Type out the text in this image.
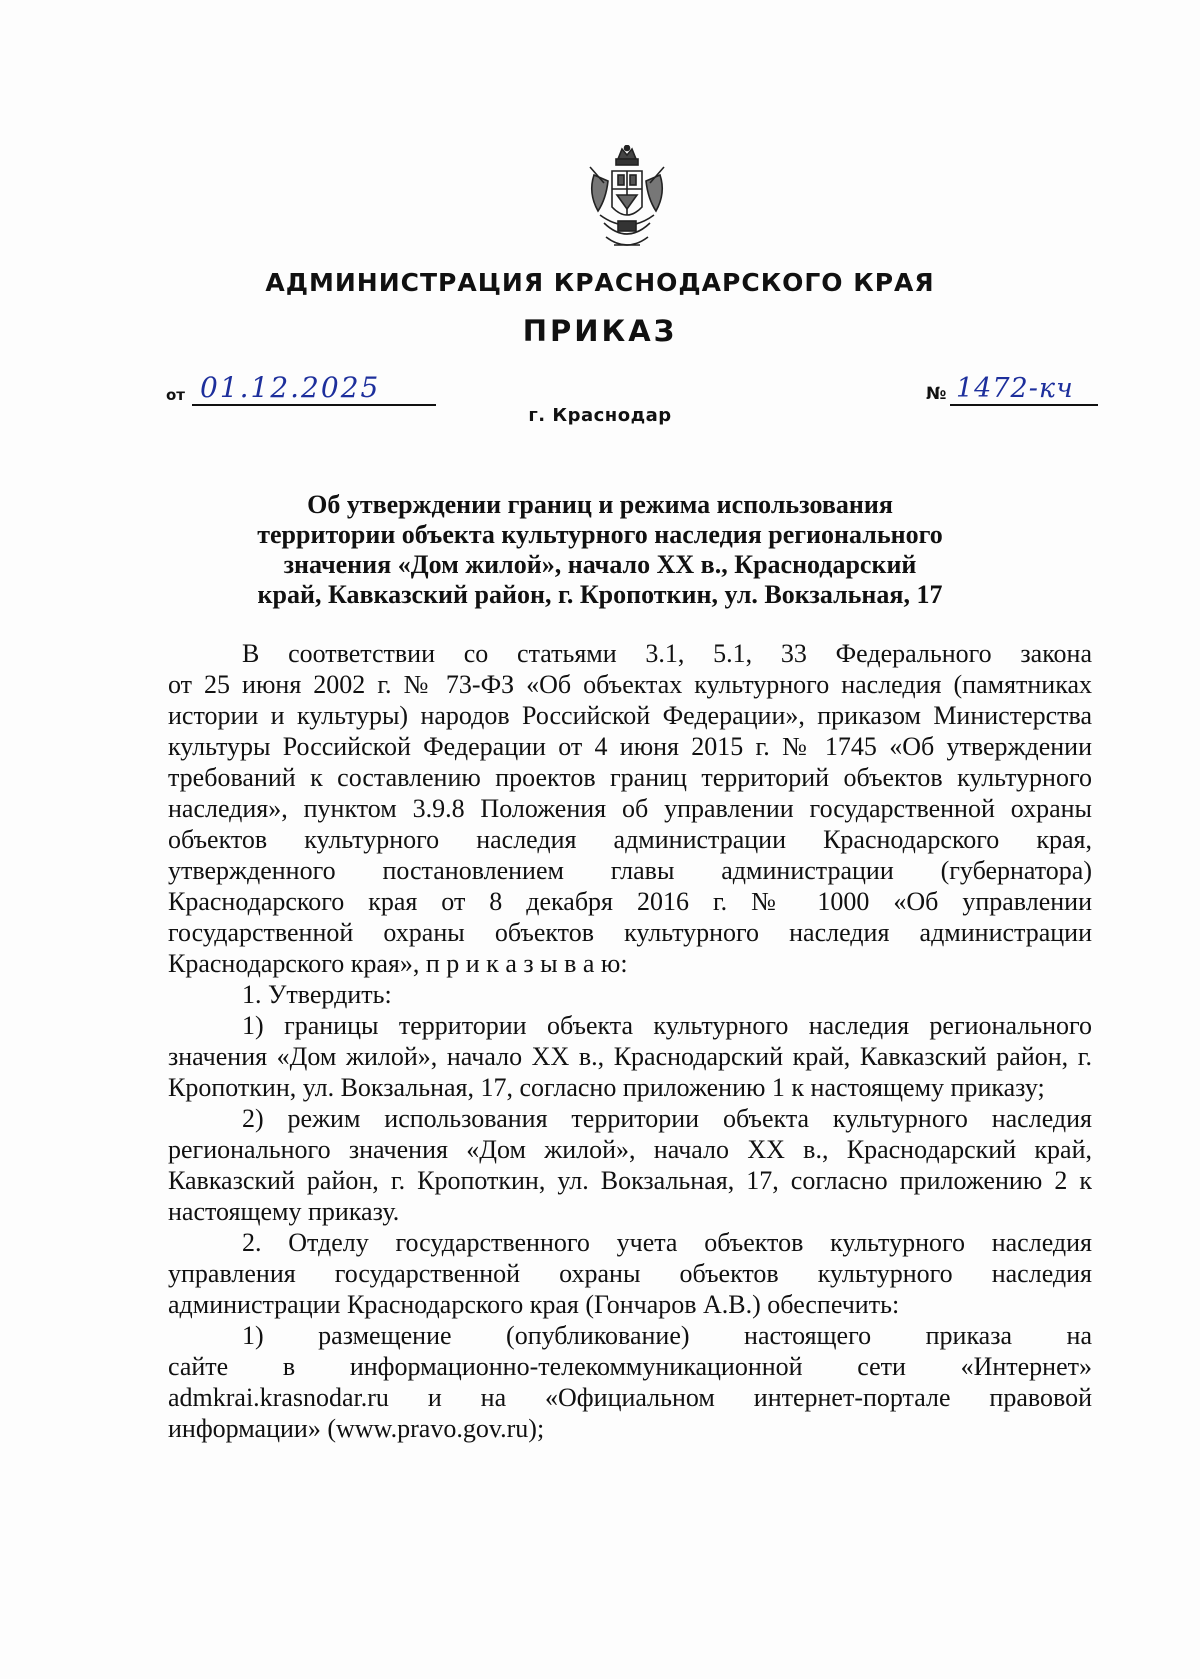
АДМИНИСТРАЦИЯ КРАСНОДАРСКОГО КРАЯ
ПРИКАЗ
от 01.12.2025	№ 1472-кч
г. Краснодар
Об утверждении границ и режима использования
территории объекта культурного наследия регионального
значения «Дом жилой», начало XX в., Краснодарский
край, Кавказский район, г. Кропоткин, ул. Вокзальная, 17
В соответствии со статьями 3.1, 5.1, 33 Федерального закона
от 25 июня 2002 г. № 73-ФЗ «Об объектах культурного наследия (памятниках
истории и культуры) народов Российской Федерации», приказом Министерства
культуры Российской Федерации от 4 июня 2015 г. № 1745 «Об утверждении
требований к составлению проектов границ территорий объектов культурного
наследия», пунктом 3.9.8 Положения об управлении государственной охраны
объектов культурного наследия администрации Краснодарского края,
утвержденного постановлением главы администрации (губернатора)
Краснодарского края от 8 декабря 2016 г. № 1000 «Об управлении
государственной охраны объектов культурного наследия администрации
Краснодарского края», п р и к а з ы в а ю:
1. Утвердить:
1) границы территории объекта культурного наследия регионального
значения «Дом жилой», начало XX в., Краснодарский край, Кавказский район, г.
Кропоткин, ул. Вокзальная, 17, согласно приложению 1 к настоящему приказу;
2) режим использования территории объекта культурного наследия
регионального значения «Дом жилой», начало XX в., Краснодарский край,
Кавказский район, г. Кропоткин, ул. Вокзальная, 17, согласно приложению 2 к
настоящему приказу.
2. Отделу государственного учета объектов культурного наследия
управления государственной охраны объектов культурного наследия
администрации Краснодарского края (Гончаров А.В.) обеспечить:
1) размещение (опубликование) настоящего приказа на
сайте в информационно-телекоммуникационной сети «Интернет»
admkrai.krasnodar.ru и на «Официальном интернет-портале правовой
информации» (www.pravo.gov.ru);
